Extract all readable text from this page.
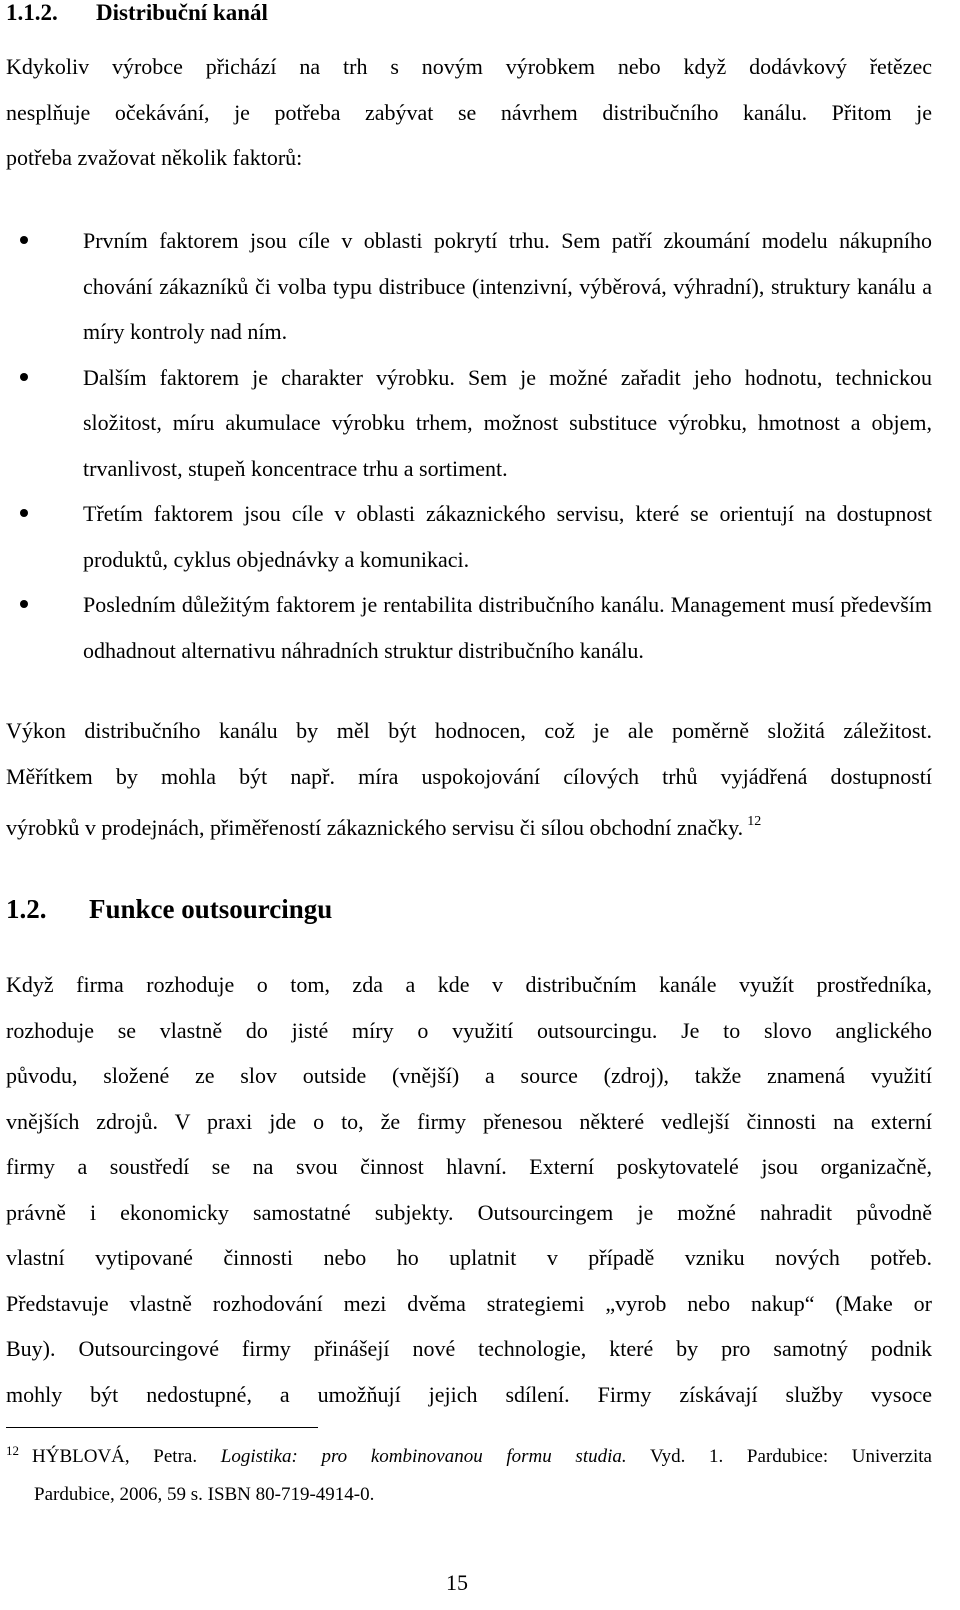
1.1.2. Distribuční kanál
Kdykoliv výrobce přichází na trh s novým výrobkem nebo když dodávkový řetězec
nesplňuje očekávání, je potřeba zabývat se návrhem distribučního kanálu. Přitom je
potřeba zvažovat několik faktorů:
Prvním faktorem jsou cíle v oblasti pokrytí trhu. Sem patří zkoumání modelu nákupního chování zákazníků či volba typu distribuce (intenzivní, výběrová, výhradní), struktury kanálu a míry kontroly nad ním.
Dalším faktorem je charakter výrobku. Sem je možné zařadit jeho hodnotu, technickou složitost, míru akumulace výrobku trhem, možnost substituce výrobku, hmotnost a objem, trvanlivost, stupeň koncentrace trhu a sortiment.
Třetím faktorem jsou cíle v oblasti zákaznického servisu, které se orientují na dostupnost produktů, cyklus objednávky a komunikaci.
Posledním důležitým faktorem je rentabilita distribučního kanálu. Management musí především odhadnout alternativu náhradních struktur distribučního kanálu.
Výkon distribučního kanálu by měl být hodnocen, což je ale poměrně složitá záležitost.
Měřítkem by mohla být např. míra uspokojování cílových trhů vyjádřená dostupností
výrobků v prodejnách, přiměřeností zákaznického servisu či sílou obchodní značky. $^{12}$
1.2. Funkce outsourcingu
Když firma rozhoduje o tom, zda a kde v distribučním kanále využít prostředníka,
rozhoduje se vlastně do jisté míry o využití outsourcingu. Je to slovo anglického
původu, složené ze slov outside (vnější) a source (zdroj), takže znamená využití
vnějších zdrojů. V praxi jde o to, že firmy přenesou některé vedlejší činnosti na externí
firmy a soustředí se na svou činnost hlavní. Externí poskytovatelé jsou organizačně,
právně i ekonomicky samostatné subjekty. Outsourcingem je možné nahradit původně
vlastní vytipované činnosti nebo ho uplatnit v případě vzniku nových potřeb.
Představuje vlastně rozhodování mezi dvěma strategiemi „vyrob nebo nakup“ (Make or
Buy). Outsourcingové firmy přinášejí nové technologie, které by pro samotný podnik
mohly být nedostupné, a umožňují jejich sdílení. Firmy získávají služby vysoce
12 HÝBLOVÁ, Petra. Logistika: pro kombinovanou formu studia. Vyd. 1. Pardubice: Univerzita
Pardubice, 2006, 59 s. ISBN 80-719-4914-0.
15
